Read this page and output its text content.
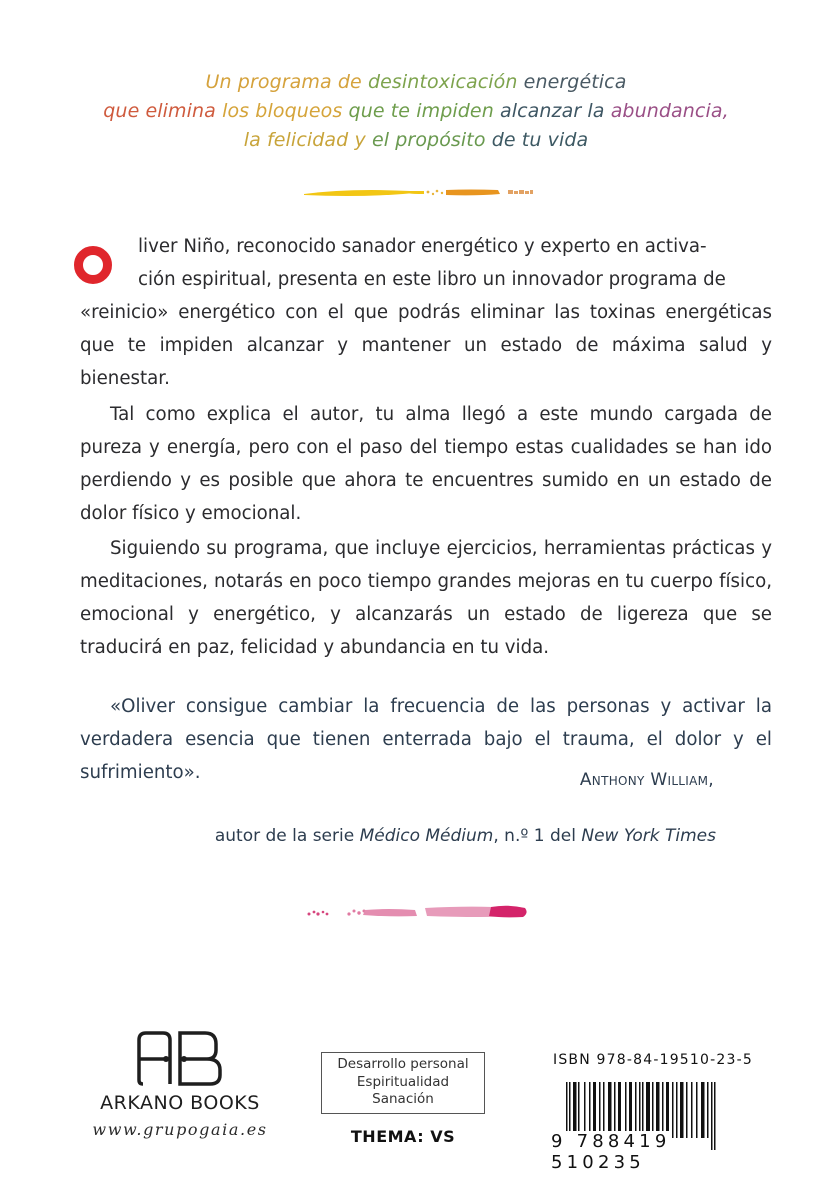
Un programa de desintoxicación energética
que elimina los bloqueos que te impiden alcanzar la abundancia,
la felicidad y el propósito de tu vida
liver Niño, reconocido sanador energético y experto en activa-
ción espiritual, presenta en este libro un innovador programa de
«reinicio» energético con el que podrás eliminar las toxinas energéticas que te impiden alcanzar y mantener un estado de máxima salud y bienestar.
Tal como explica el autor, tu alma llegó a este mundo cargada de pureza y energía, pero con el paso del tiempo estas cualidades se han ido perdiendo y es posible que ahora te encuentres sumido en un estado de dolor físico y emocional.
Siguiendo su programa, que incluye ejercicios, herramientas prácticas y meditaciones, notarás en poco tiempo grandes mejoras en tu cuerpo físico, emocional y energético, y alcanzarás un estado de ligereza que se traducirá en paz, felicidad y abundancia en tu vida.
«Oliver consigue cambiar la frecuencia de las personas y activar la verdadera esencia que tienen enterrada bajo el trauma, el dolor y el sufrimiento».	Anthony William,
autor de la serie Médico Médium, n.º 1 del New York Times
ARKANO BOOKS
www.grupogaia.es
Desarrollo personal
Espiritualidad
Sanación
THEMA: VS
ISBN 978-84-19510-23-5
9 788419 510235
